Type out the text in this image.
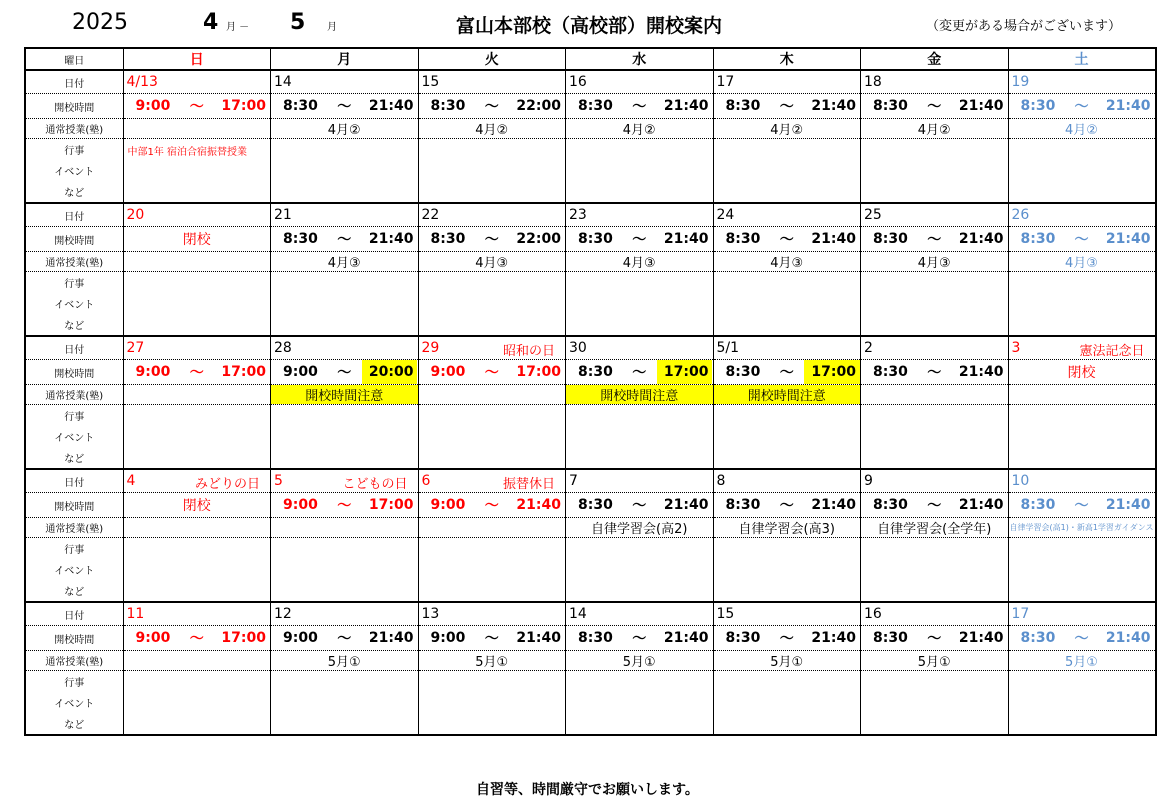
2025	4 月 － 5 月	富山本部校（高校部）開校案内	（変更がある場合がございます）
曜日	日	月	火	水	木	金	土
日付	4/13	14	15	16	17	18	19
開校時間	9:00 ～ 17:00	8:30 ～ 21:40	8:30 ～ 22:00	8:30 ～ 21:40	8:30 ～ 21:40	8:30 ～ 21:40	8:30 ～ 21:40

通常授業(塾)		4月②	4月②	4月②	4月②	4月②	4月②
行事	中部1年 宿泊合宿振替授業						
イベント							
など							
日付	20	21	22	23	24	25	26
開校時間	閉校	8:30 ～ 21:40	8:30 ～ 22:00	8:30 ～ 21:40	8:30 ～ 21:40	8:30 ～ 21:40	8:30 ～ 21:40

通常授業(塾)		4月③	4月③	4月③	4月③	4月③	4月③
行事							
イベント							
など							
日付	27	28	29 昭和の日	30	5/1	2	3 憲法記念日

開校時間	9:00 ～ 17:00	9:00 ～ 20:00	9:00 ～ 17:00	8:30 ～ 17:00	8:30 ～ 17:00	8:30 ～ 21:40	閉校
通常授業(塾)		開校時間注意		開校時間注意	開校時間注意		
行事							
イベント							
など							
日付	4 みどりの日	5 こどもの日	6 振替休日	7	8	9	10
開校時間	閉校	9:00 ～ 17:00	9:00 ～ 21:40	8:30 ～ 21:40	8:30 ～ 21:40	8:30 ～ 21:40	8:30 ～ 21:40

通常授業(塾)				自律学習会(高2)	自律学習会(高3)	自律学習会(全学年)	自律学習会(高1)・新高1学習ガイダンス
行事							
イベント							
など							
日付	11	12	13	14	15	16	17
開校時間	9:00 ～ 17:00	9:00 ～ 21:40	9:00 ～ 21:40	8:30 ～ 21:40	8:30 ～ 21:40	8:30 ～ 21:40	8:30 ～ 21:40

通常授業(塾)		5月①	5月①	5月①	5月①	5月①	5月①
行事							
イベント							
など							
自習等、時間厳守でお願いします。
